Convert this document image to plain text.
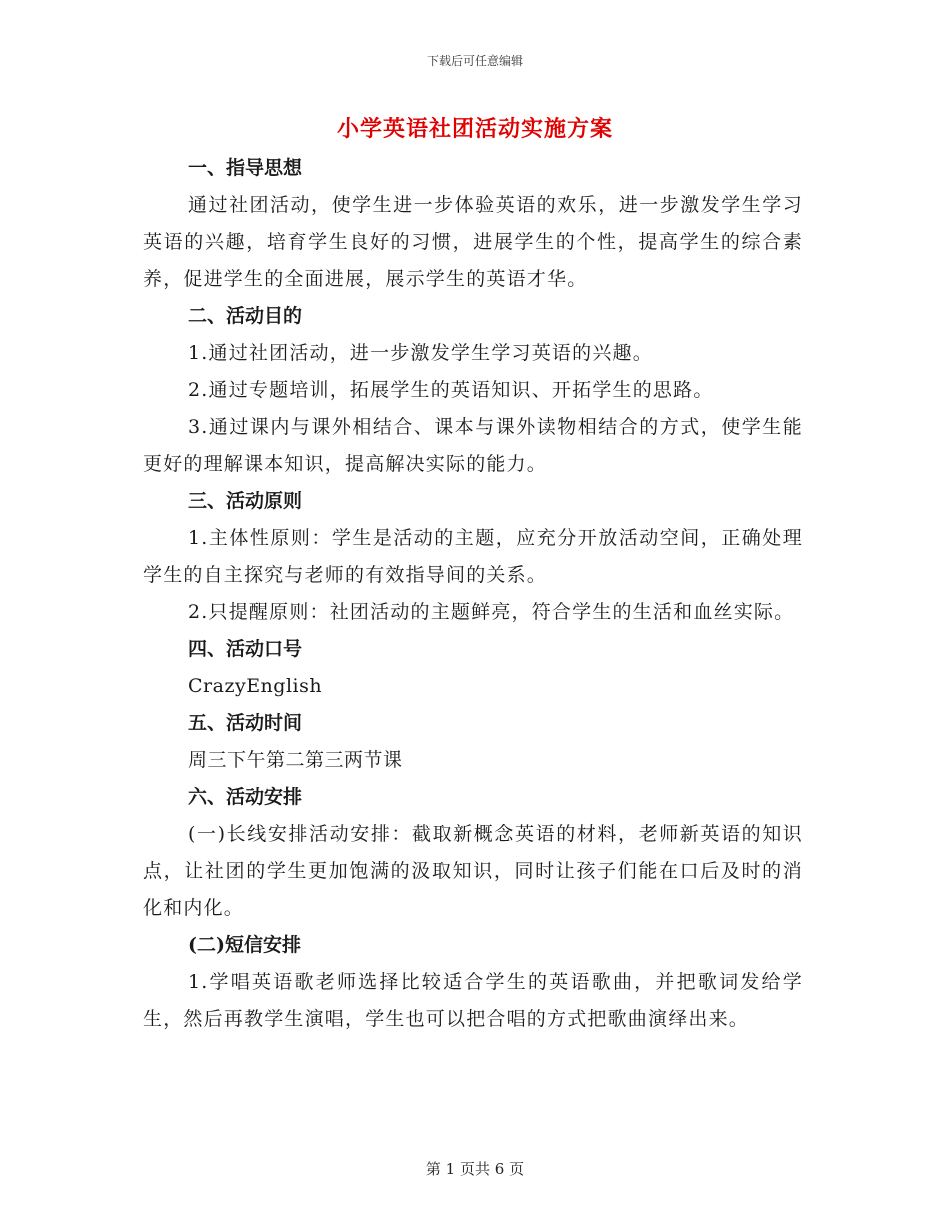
下载后可任意编辑
小学英语社团活动实施方案

一、指导思想

通过社团活动，使学生进一步体验英语的欢乐，进一步激发学生学习英语的兴趣，培育学生良好的习惯，进展学生的个性，提高学生的综合素养，促进学生的全面进展，展示学生的英语才华。

二、活动目的

1.通过社团活动，进一步激发学生学习英语的兴趣。

2.通过专题培训，拓展学生的英语知识、开拓学生的思路。

3.通过课内与课外相结合、课本与课外读物相结合的方式，使学生能更好的理解课本知识，提高解决实际的能力。

三、活动原则

1.主体性原则：学生是活动的主题，应充分开放活动空间，正确处理学生的自主探究与老师的有效指导间的关系。

2.只提醒原则：社团活动的主题鲜亮，符合学生的生活和血丝实际。

四、活动口号

CrazyEnglish

五、活动时间

周三下午第二第三两节课

六、活动安排

(一)长线安排活动安排：截取新概念英语的材料，老师新英语的知识点，让社团的学生更加饱满的汲取知识，同时让孩子们能在口后及时的消化和内化。

(二)短信安排

1.学唱英语歌老师选择比较适合学生的英语歌曲，并把歌词发给学生，然后再教学生演唱，学生也可以把合唱的方式把歌曲演绎出来。

第 1 页共 6 页
